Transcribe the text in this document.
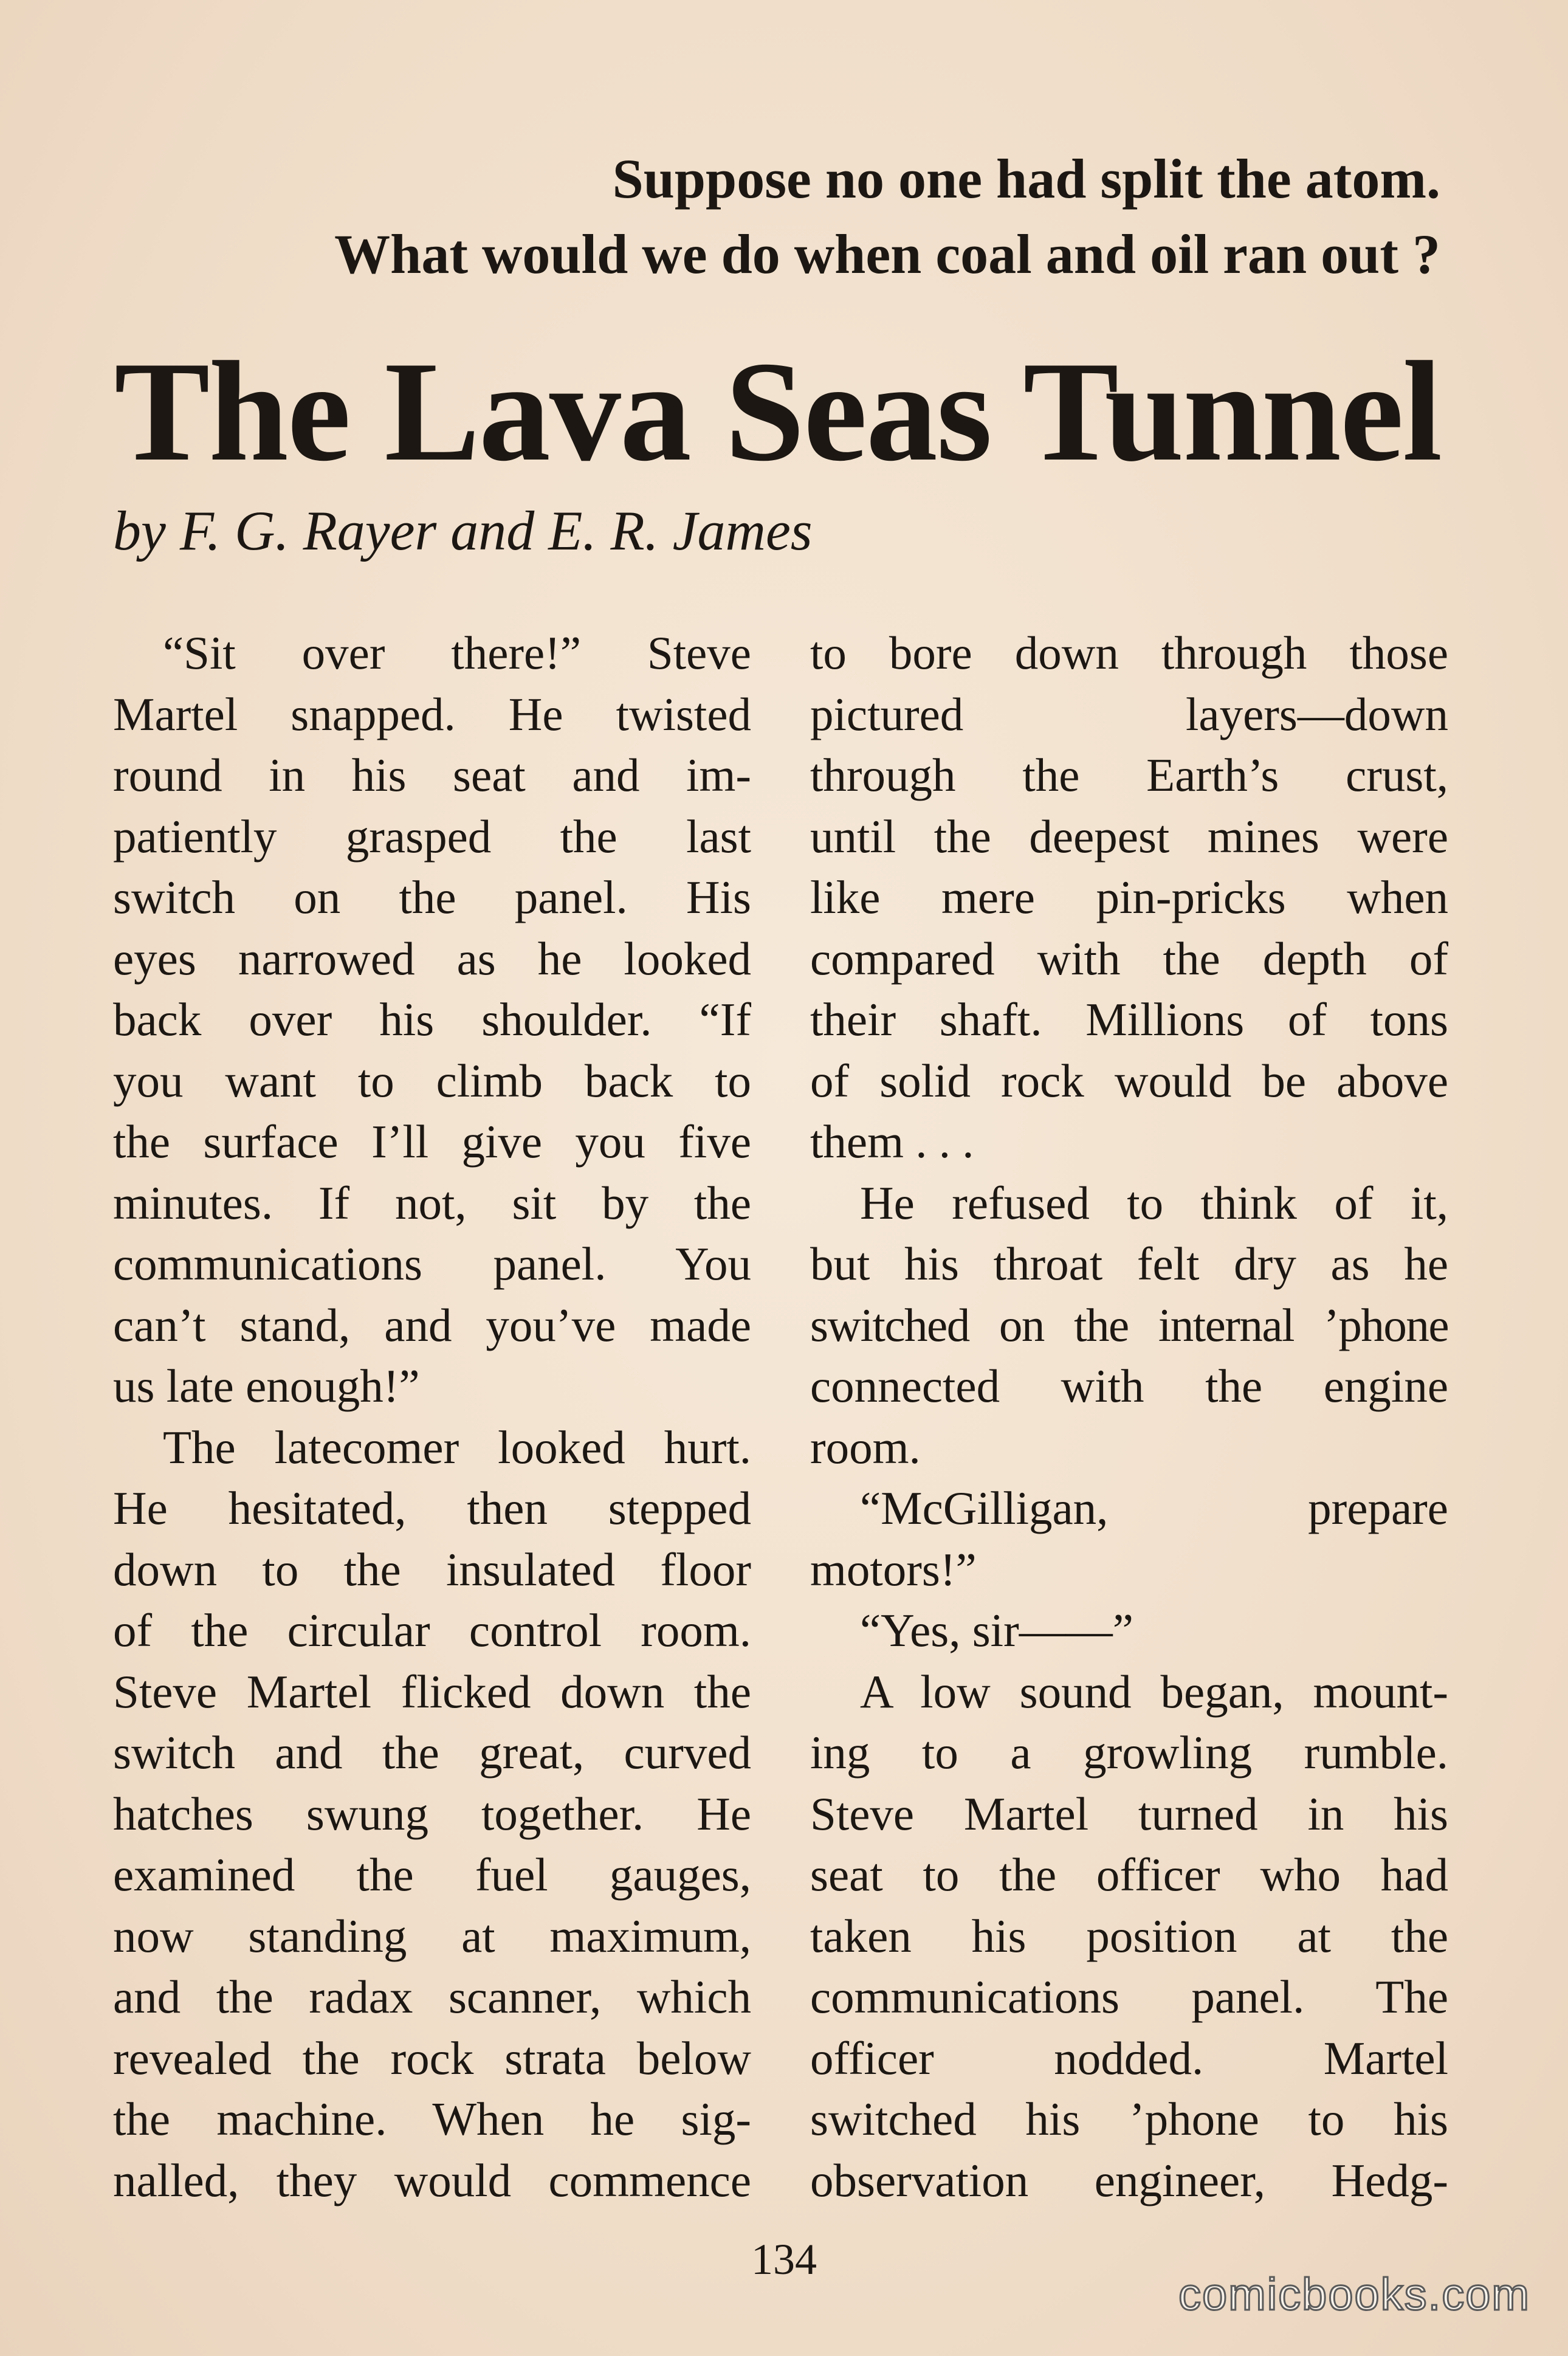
Suppose no one had split the atom.
What would we do when coal and oil ran out ?
The Lava Seas Tunnel
by F. G. Rayer and E. R. James
“Sit over there!” Steve
Martel snapped. He twisted
round in his seat and im-
patiently grasped the last
switch on the panel. His
eyes narrowed as he looked
back over his shoulder. “If
you want to climb back to
the surface I’ll give you five
minutes. If not, sit by the
communications panel. You
can’t stand, and you’ve made
us late enough!”
The latecomer looked hurt.
He hesitated, then stepped
down to the insulated floor
of the circular control room.
Steve Martel flicked down the
switch and the great, curved
hatches swung together. He
examined the fuel gauges,
now standing at maximum,
and the radax scanner, which
revealed the rock strata below
the machine. When he sig-
nalled, they would commence
to bore down through those
pictured layers—down
through the Earth’s crust,
until the deepest mines were
like mere pin-pricks when
compared with the depth of
their shaft. Millions of tons
of solid rock would be above
them . . .
He refused to think of it,
but his throat felt dry as he
switched on the internal ’phone
connected with the engine
room.
“McGilligan, prepare
motors!”
“Yes, sir——”
A low sound began, mount-
ing to a growling rumble.
Steve Martel turned in his
seat to the officer who had
taken his position at the
communications panel. The
officer nodded. Martel
switched his ’phone to his
observation engineer, Hedg-
134
comicbooks.com
